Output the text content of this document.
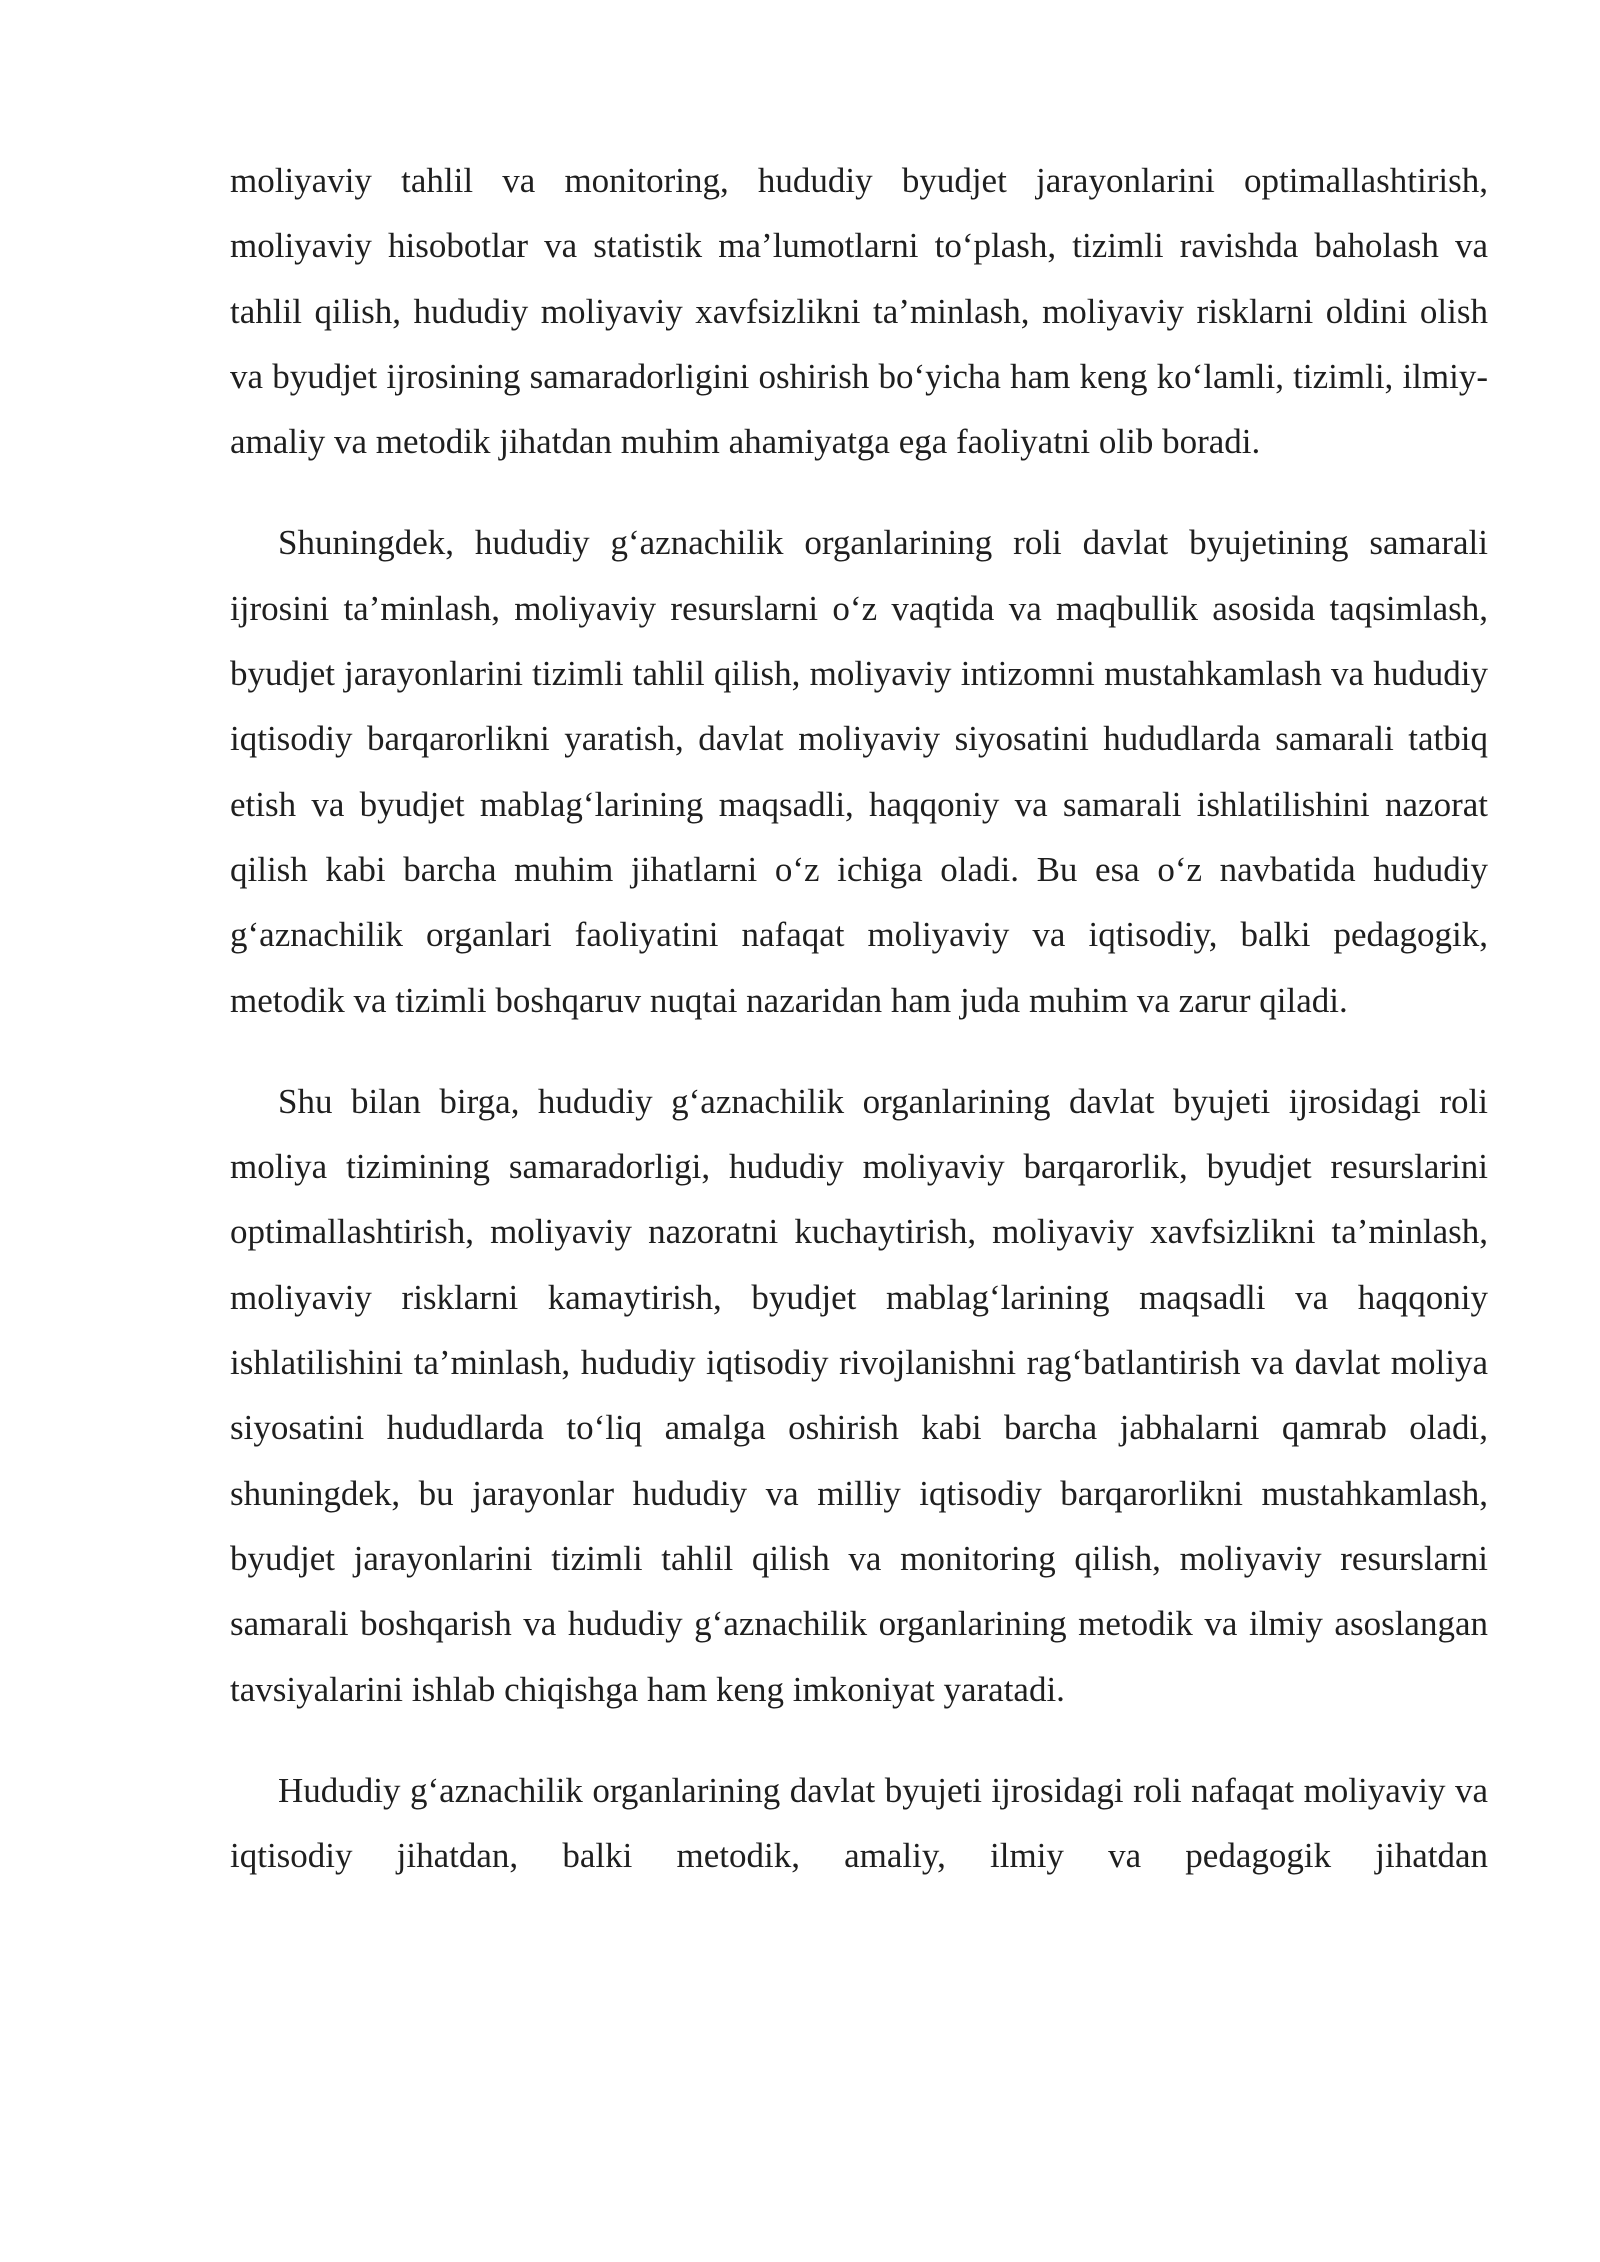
moliyaviy tahlil va monitoring, hududiy byudjet jarayonlarini optimallashtirish, moliyaviy hisobotlar va statistik ma’lumotlarni to‘plash, tizimli ravishda baholash va tahlil qilish, hududiy moliyaviy xavfsizlikni ta’minlash, moliyaviy risklarni oldini olish va byudjet ijrosining samaradorligini oshirish bo‘yicha ham keng ko‘lamli, tizimli, ilmiy-amaliy va metodik jihatdan muhim ahamiyatga ega faoliyatni olib boradi.

Shuningdek, hududiy g‘aznachilik organlarining roli davlat byujetining samarali ijrosini ta’minlash, moliyaviy resurslarni o‘z vaqtida va maqbullik asosida taqsimlash, byudjet jarayonlarini tizimli tahlil qilish, moliyaviy intizomni mustahkamlash va hududiy iqtisodiy barqarorlikni yaratish, davlat moliyaviy siyosatini hududlarda samarali tatbiq etish va byudjet mablag‘larining maqsadli, haqqoniy va samarali ishlatilishini nazorat qilish kabi barcha muhim jihatlarni o‘z ichiga oladi. Bu esa o‘z navbatida hududiy g‘aznachilik organlari faoliyatini nafaqat moliyaviy va iqtisodiy, balki pedagogik, metodik va tizimli boshqaruv nuqtai nazaridan ham juda muhim va zarur qiladi.

Shu bilan birga, hududiy g‘aznachilik organlarining davlat byujeti ijrosidagi roli moliya tizimining samaradorligi, hududiy moliyaviy barqarorlik, byudjet resurslarini optimallashtirish, moliyaviy nazoratni kuchaytirish, moliyaviy xavfsizlikni ta’minlash, moliyaviy risklarni kamaytirish, byudjet mablag‘larining maqsadli va haqqoniy ishlatilishini ta’minlash, hududiy iqtisodiy rivojlanishni rag‘batlantirish va davlat moliya siyosatini hududlarda to‘liq amalga oshirish kabi barcha jabhalarni qamrab oladi, shuningdek, bu jarayonlar hududiy va milliy iqtisodiy barqarorlikni mustahkamlash, byudjet jarayonlarini tizimli tahlil qilish va monitoring qilish, moliyaviy resurslarni samarali boshqarish va hududiy g‘aznachilik organlarining metodik va ilmiy asoslangan tavsiyalarini ishlab chiqishga ham keng imkoniyat yaratadi.

Hududiy g‘aznachilik organlarining davlat byujeti ijrosidagi roli nafaqat moliyaviy va iqtisodiy jihatdan, balki metodik, amaliy, ilmiy va pedagogik jihatdan
